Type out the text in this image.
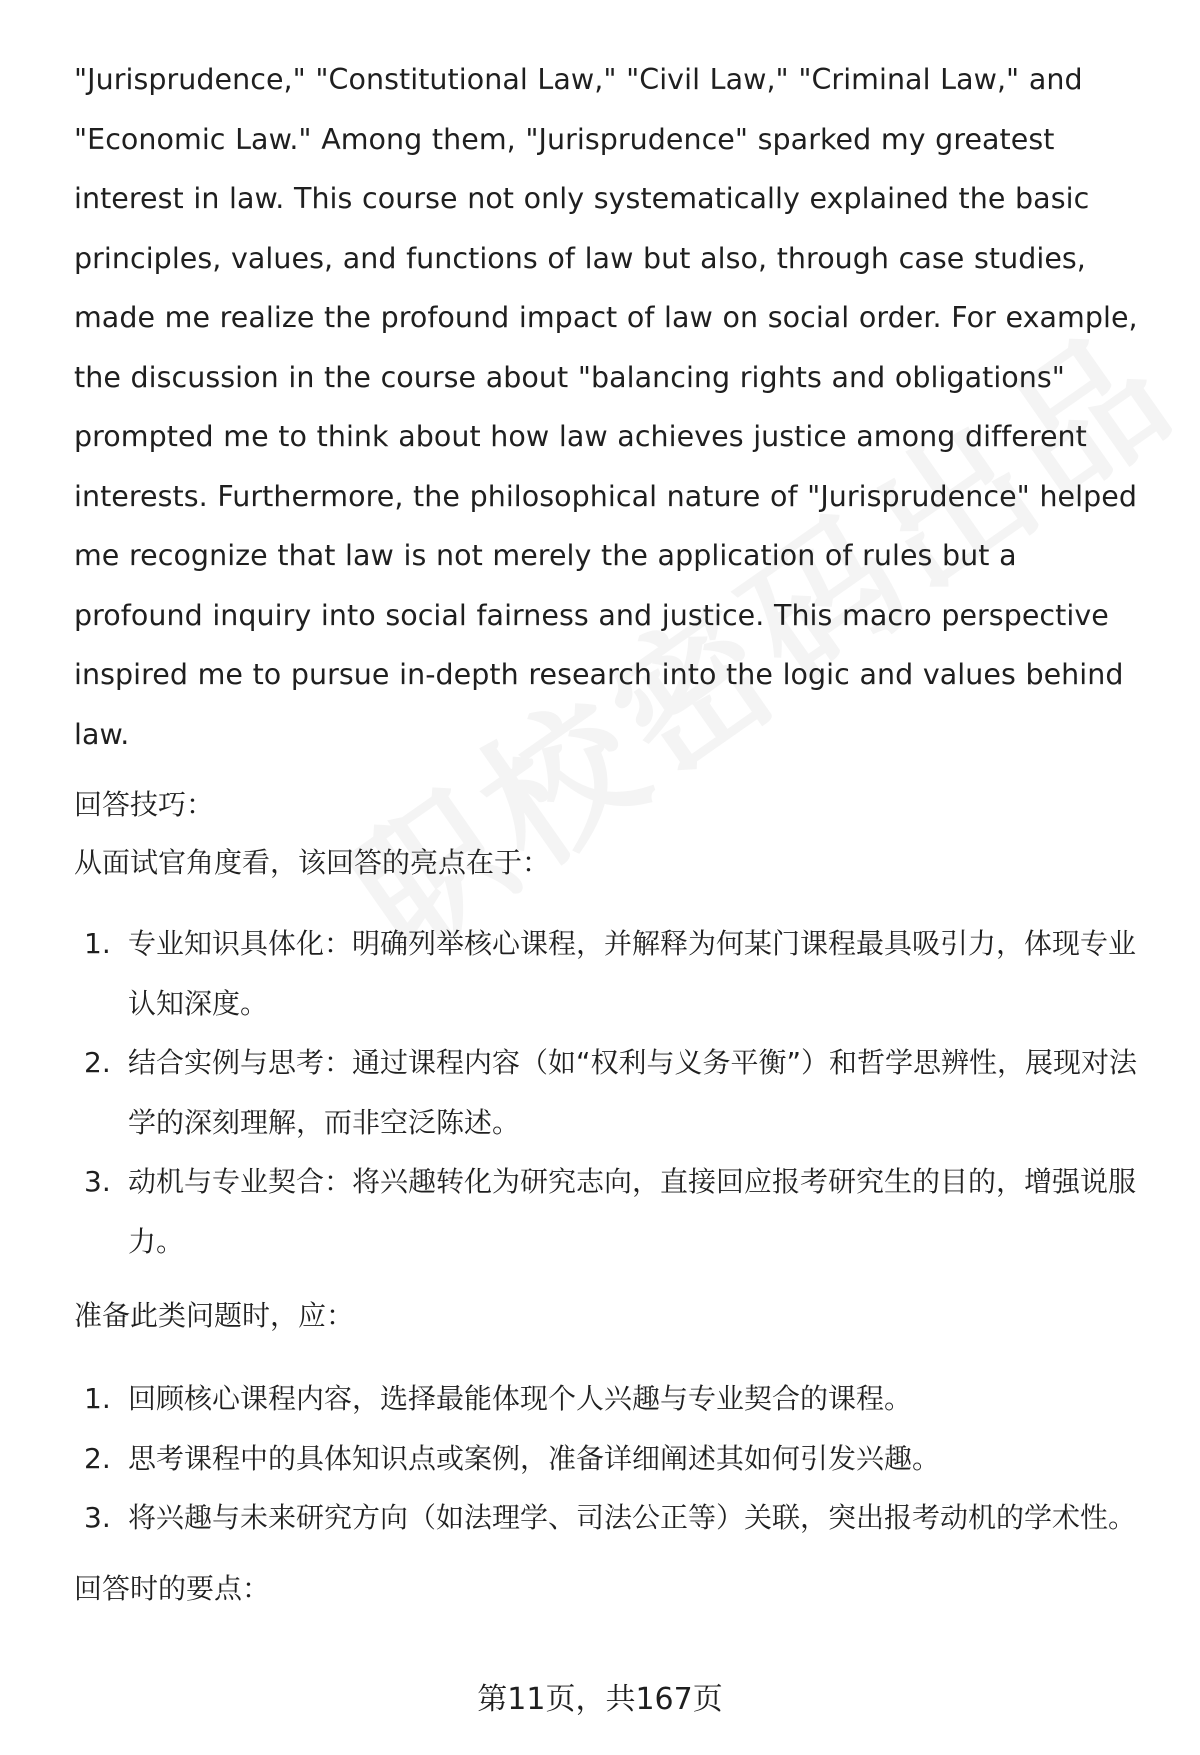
"Jurisprudence," "Constitutional Law," "Civil Law," "Criminal Law," and "Economic Law." Among them, "Jurisprudence" sparked my greatest interest in law. This course not only systematically explained the basic principles, values, and functions of law but also, through case studies, made me realize the profound impact of law on social order. For example, the discussion in the course about "balancing rights and obligations" prompted me to think about how law achieves justice among different interests. Furthermore, the philosophical nature of "Jurisprudence" helped me recognize that law is not merely the application of rules but a profound inquiry into social fairness and justice. This macro perspective inspired me to pursue in-depth research into the logic and values behind law.

回答技巧：

从面试官角度看，该回答的亮点在于：

1. 专业知识具体化：明确列举核心课程，并解释为何某门课程最具吸引力，体现专业认知深度。
2. 结合实例与思考：通过课程内容（如“权利与义务平衡”）和哲学思辨性，展现对法学的深刻理解，而非空泛陈述。
3. 动机与专业契合：将兴趣转化为研究志向，直接回应报考研究生的目的，增强说服力。

准备此类问题时，应：

1. 回顾核心课程内容，选择最能体现个人兴趣与专业契合的课程。
2. 思考课程中的具体知识点或案例，准备详细阐述其如何引发兴趣。
3. 将兴趣与未来研究方向（如法理学、司法公正等）关联，突出报考动机的学术性。

回答时的要点：

第11页，共167页
